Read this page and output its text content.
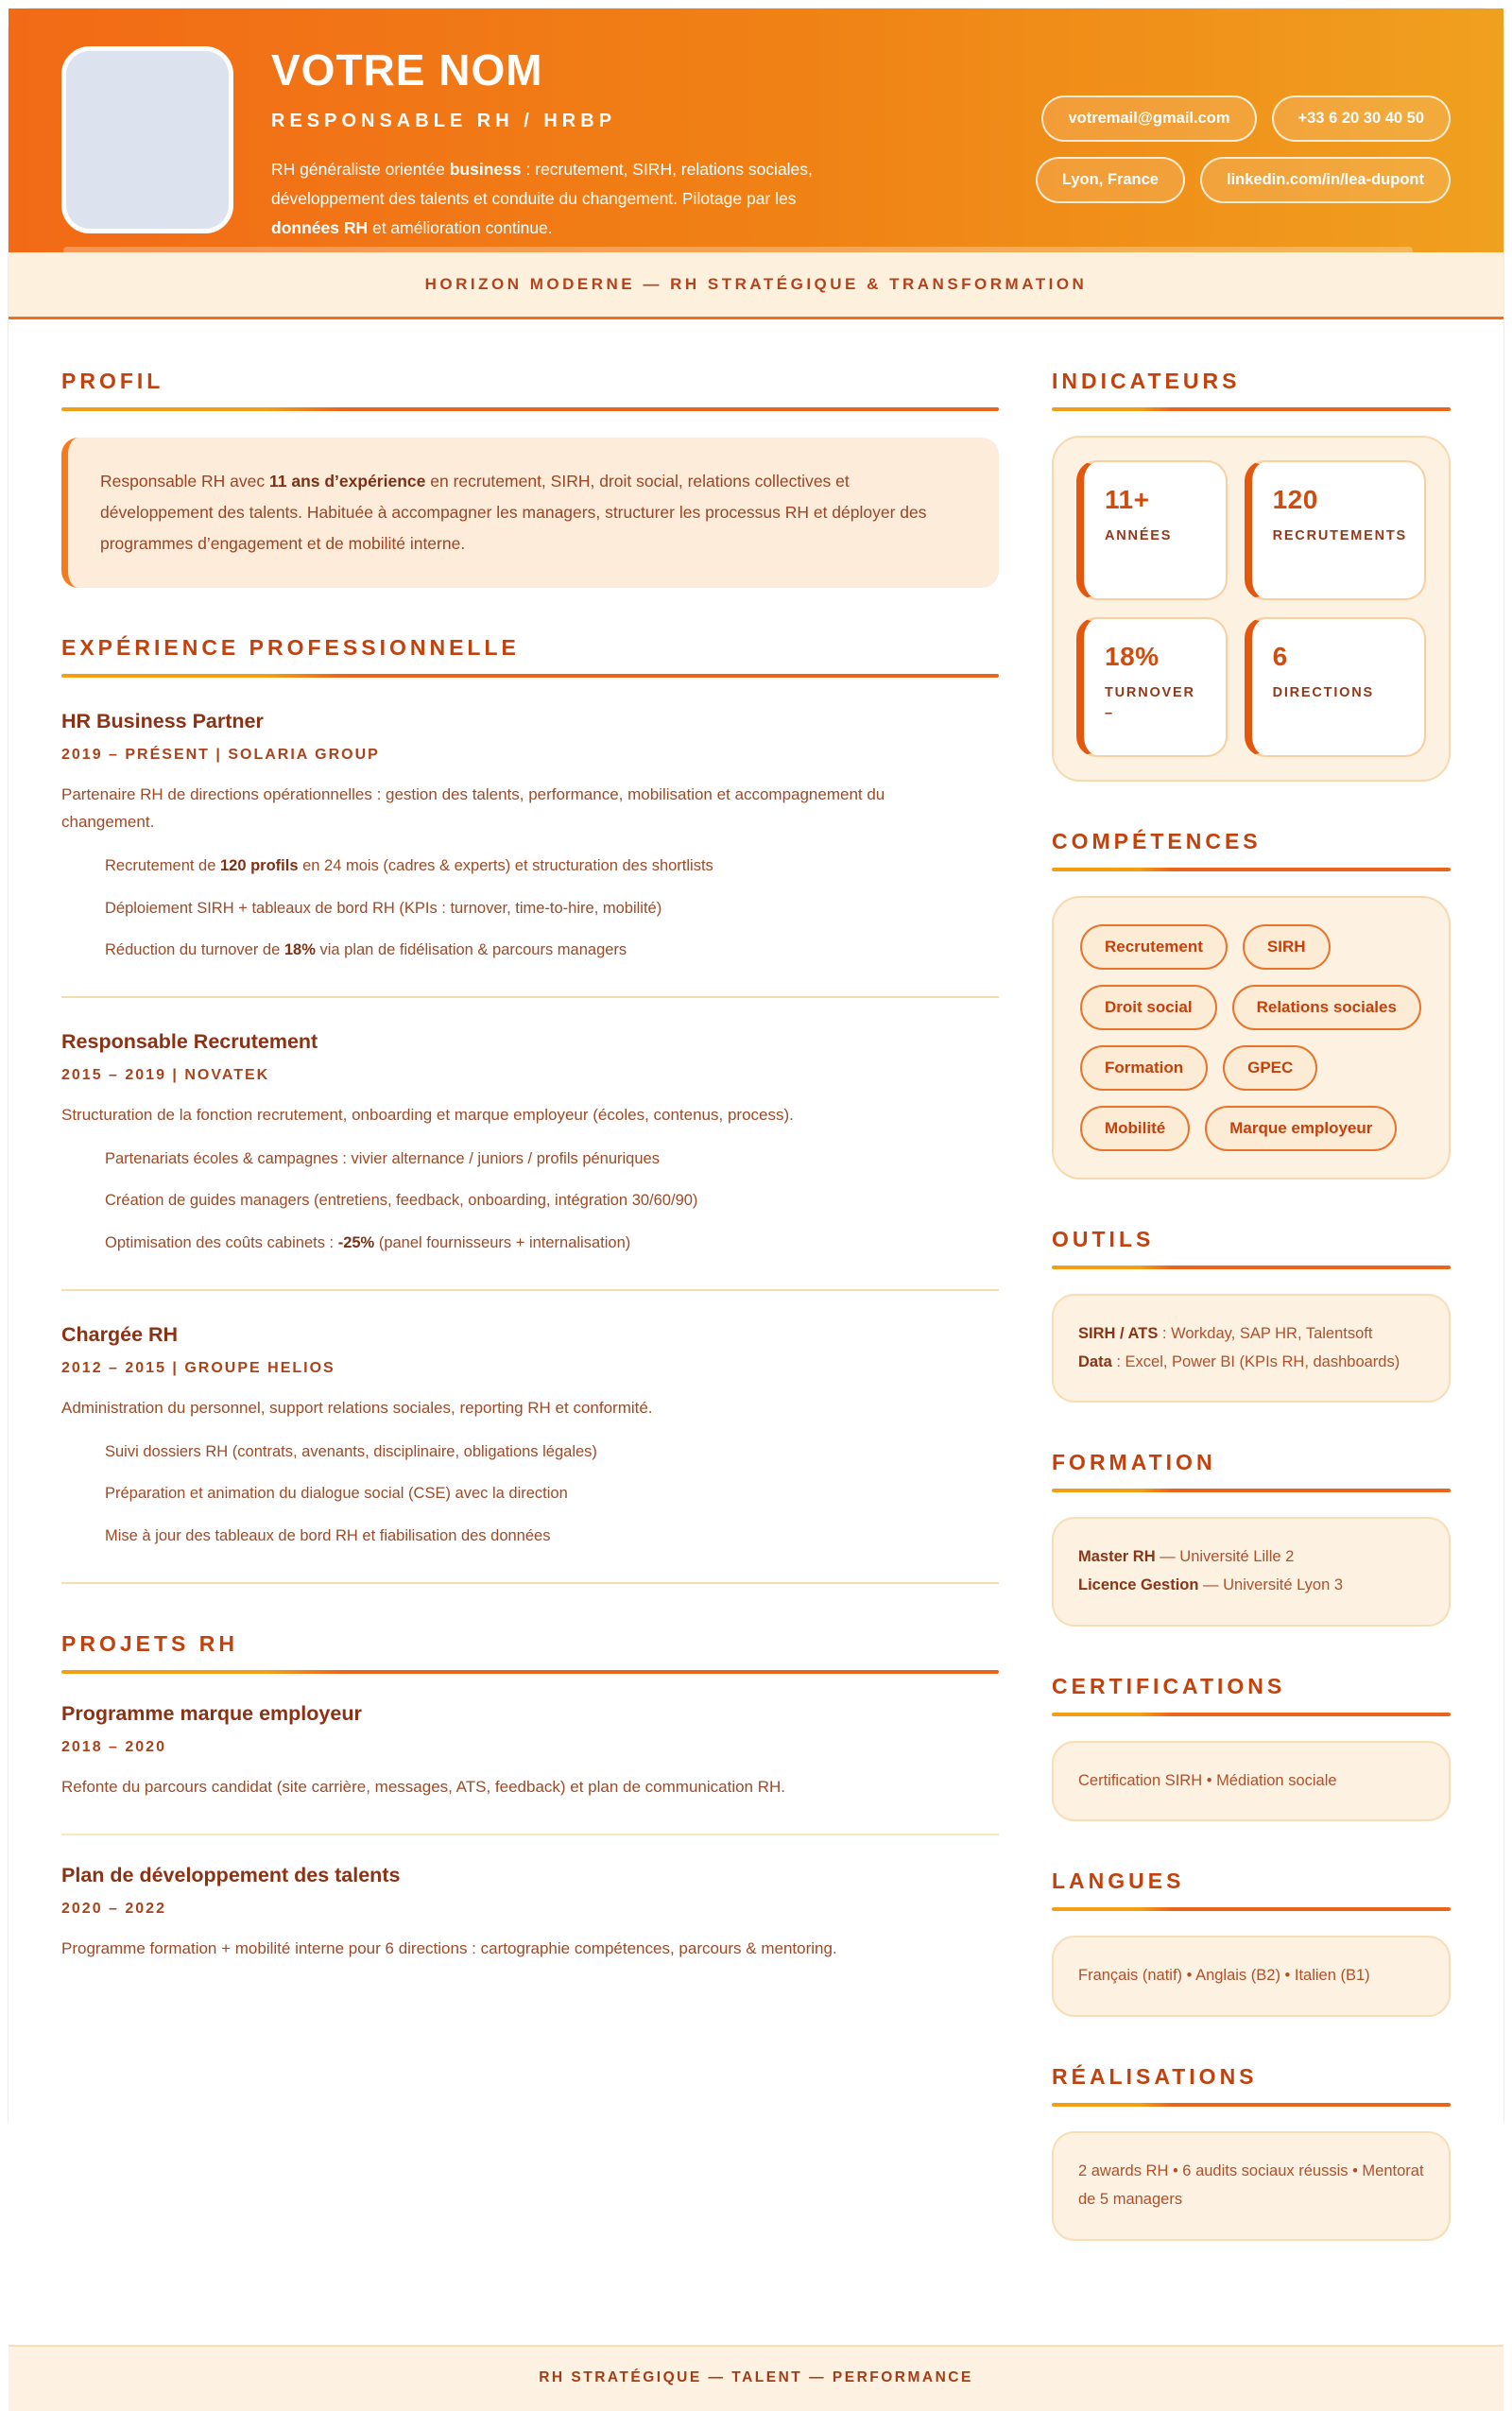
VOTRE NOM
RESPONSABLE RH / HRBP
RH généraliste orientée business : recrutement, SIRH, relations sociales, développement des talents et conduite du changement. Pilotage par les données RH et amélioration continue.
votremail@gmail.com	+33 6 20 30 40 50
Lyon, France	linkedin.com/in/lea-dupont
HORIZON MODERNE — RH STRATÉGIQUE & TRANSFORMATION
PROFIL
Responsable RH avec 11 ans d’expérience en recrutement, SIRH, droit social, relations collectives et développement des talents. Habituée à accompagner les managers, structurer les processus RH et déployer des programmes d’engagement et de mobilité interne.
EXPÉRIENCE PROFESSIONNELLE
HR Business Partner
2019 – PRÉSENT | SOLARIA GROUP
Partenaire RH de directions opérationnelles : gestion des talents, performance, mobilisation et accompagnement du changement.
Recrutement de 120 profils en 24 mois (cadres & experts) et structuration des shortlists
Déploiement SIRH + tableaux de bord RH (KPIs : turnover, time-to-hire, mobilité)
Réduction du turnover de 18% via plan de fidélisation & parcours managers
Responsable Recrutement
2015 – 2019 | NOVATEK
Structuration de la fonction recrutement, onboarding et marque employeur (écoles, contenus, process).
Partenariats écoles & campagnes : vivier alternance / juniors / profils pénuriques
Création de guides managers (entretiens, feedback, onboarding, intégration 30/60/90)
Optimisation des coûts cabinets : -25% (panel fournisseurs + internalisation)
Chargée RH
2012 – 2015 | GROUPE HELIOS
Administration du personnel, support relations sociales, reporting RH et conformité.
Suivi dossiers RH (contrats, avenants, disciplinaire, obligations légales)
Préparation et animation du dialogue social (CSE) avec la direction
Mise à jour des tableaux de bord RH et fiabilisation des données
PROJETS RH
Programme marque employeur
2018 – 2020
Refonte du parcours candidat (site carrière, messages, ATS, feedback) et plan de communication RH.
Plan de développement des talents
2020 – 2022
Programme formation + mobilité interne pour 6 directions : cartographie compétences, parcours & mentoring.
INDICATEURS
11+
ANNÉES
120
RECRUTEMENTS
18%
TURNOVER –
6
DIRECTIONS
COMPÉTENCES
Recrutement	SIRH
Droit social	Relations sociales
Formation	GPEC
Mobilité	Marque employeur
OUTILS
SIRH / ATS : Workday, SAP HR, Talentsoft
Data : Excel, Power BI (KPIs RH, dashboards)
FORMATION
Master RH — Université Lille 2
Licence Gestion — Université Lyon 3
CERTIFICATIONS
Certification SIRH • Médiation sociale
LANGUES
Français (natif) • Anglais (B2) • Italien (B1)
RÉALISATIONS
2 awards RH • 6 audits sociaux réussis • Mentorat de 5 managers
RH STRATÉGIQUE — TALENT — PERFORMANCE
